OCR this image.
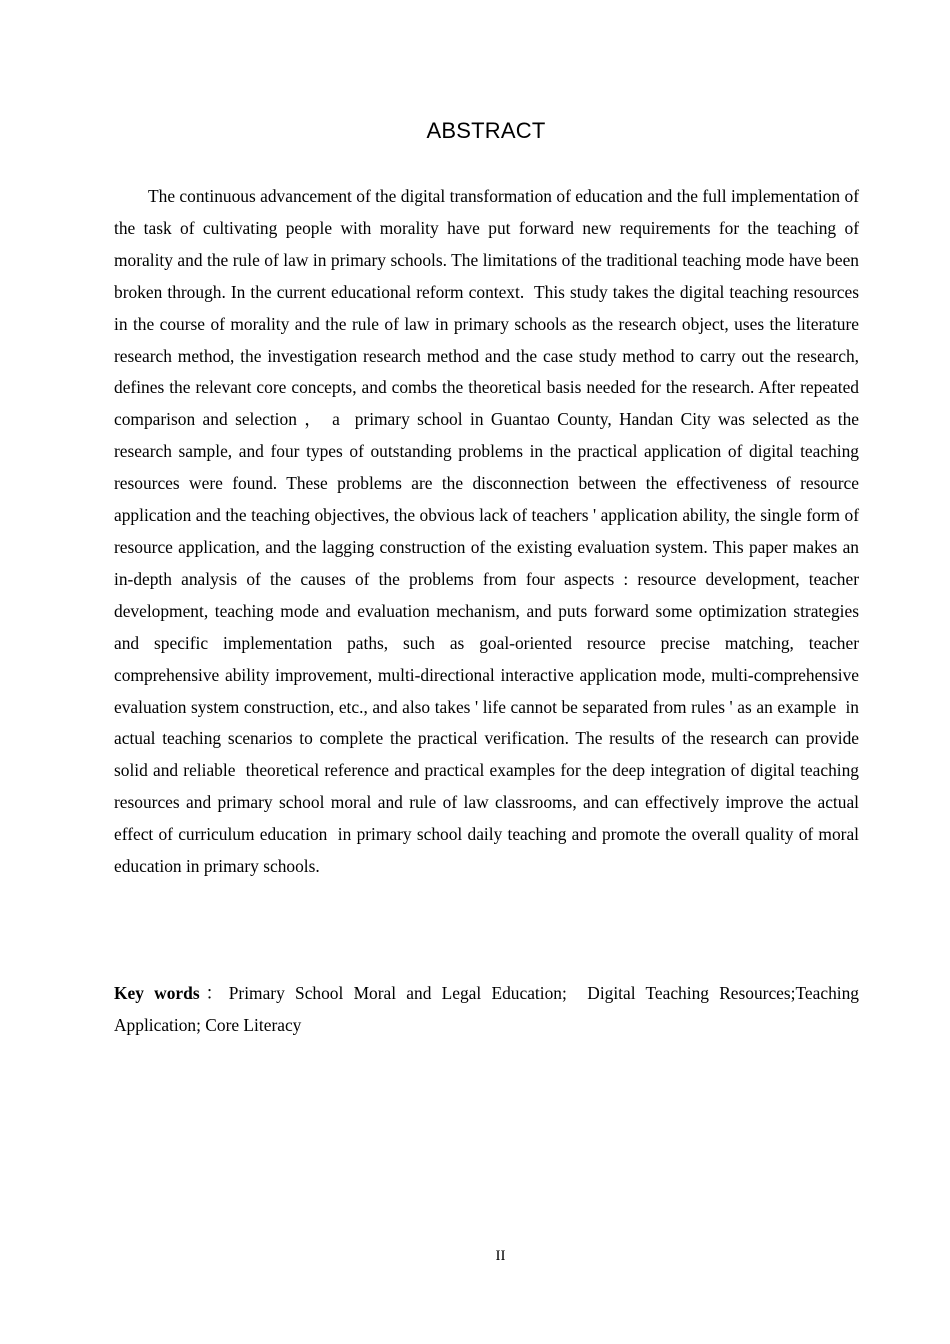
ABSTRACT

The continuous advancement of the digital transformation of education and the full implementation of the task of cultivating people with morality have put forward new requirements for the teaching of morality and the rule of law in primary schools. The limitations of the traditional teaching mode have been broken through. In the current educational reform context.  This study takes the digital teaching resources in the course of morality and the rule of law in primary schools as the research object, uses the literature research method, the investigation research method and the case study method to carry out the research, defines the relevant core concepts, and combs the theoretical basis needed for the research. After repeated comparison and selection ， a  primary school in Guantao County, Handan City was selected as the research sample, and four types of outstanding problems in the practical application of digital teaching resources were found. These problems are the disconnection between the effectiveness of resource application and the teaching objectives, the obvious lack of teachers ' application ability, the single form of resource application, and the lagging construction of the existing evaluation system. This paper makes an in-depth analysis of the causes of the problems from four aspects : resource development, teacher development, teaching mode and evaluation mechanism, and puts forward some optimization strategies and specific implementation paths, such as goal-oriented resource precise matching, teacher comprehensive ability improvement, multi-directional interactive application mode, multi-comprehensive evaluation system construction, etc., and also takes ' life cannot be separated from rules ' as an example  in actual teaching scenarios to complete the practical verification. The results of the research can provide solid and reliable  theoretical reference and practical examples for the deep integration of digital teaching resources and primary school moral and rule of law classrooms, and can effectively improve the actual effect of curriculum education  in primary school daily teaching and promote the overall quality of moral education in primary schools.

Key words：Primary School Moral and Legal Education;  Digital Teaching Resources;Teaching Application; Core Literacy

II
